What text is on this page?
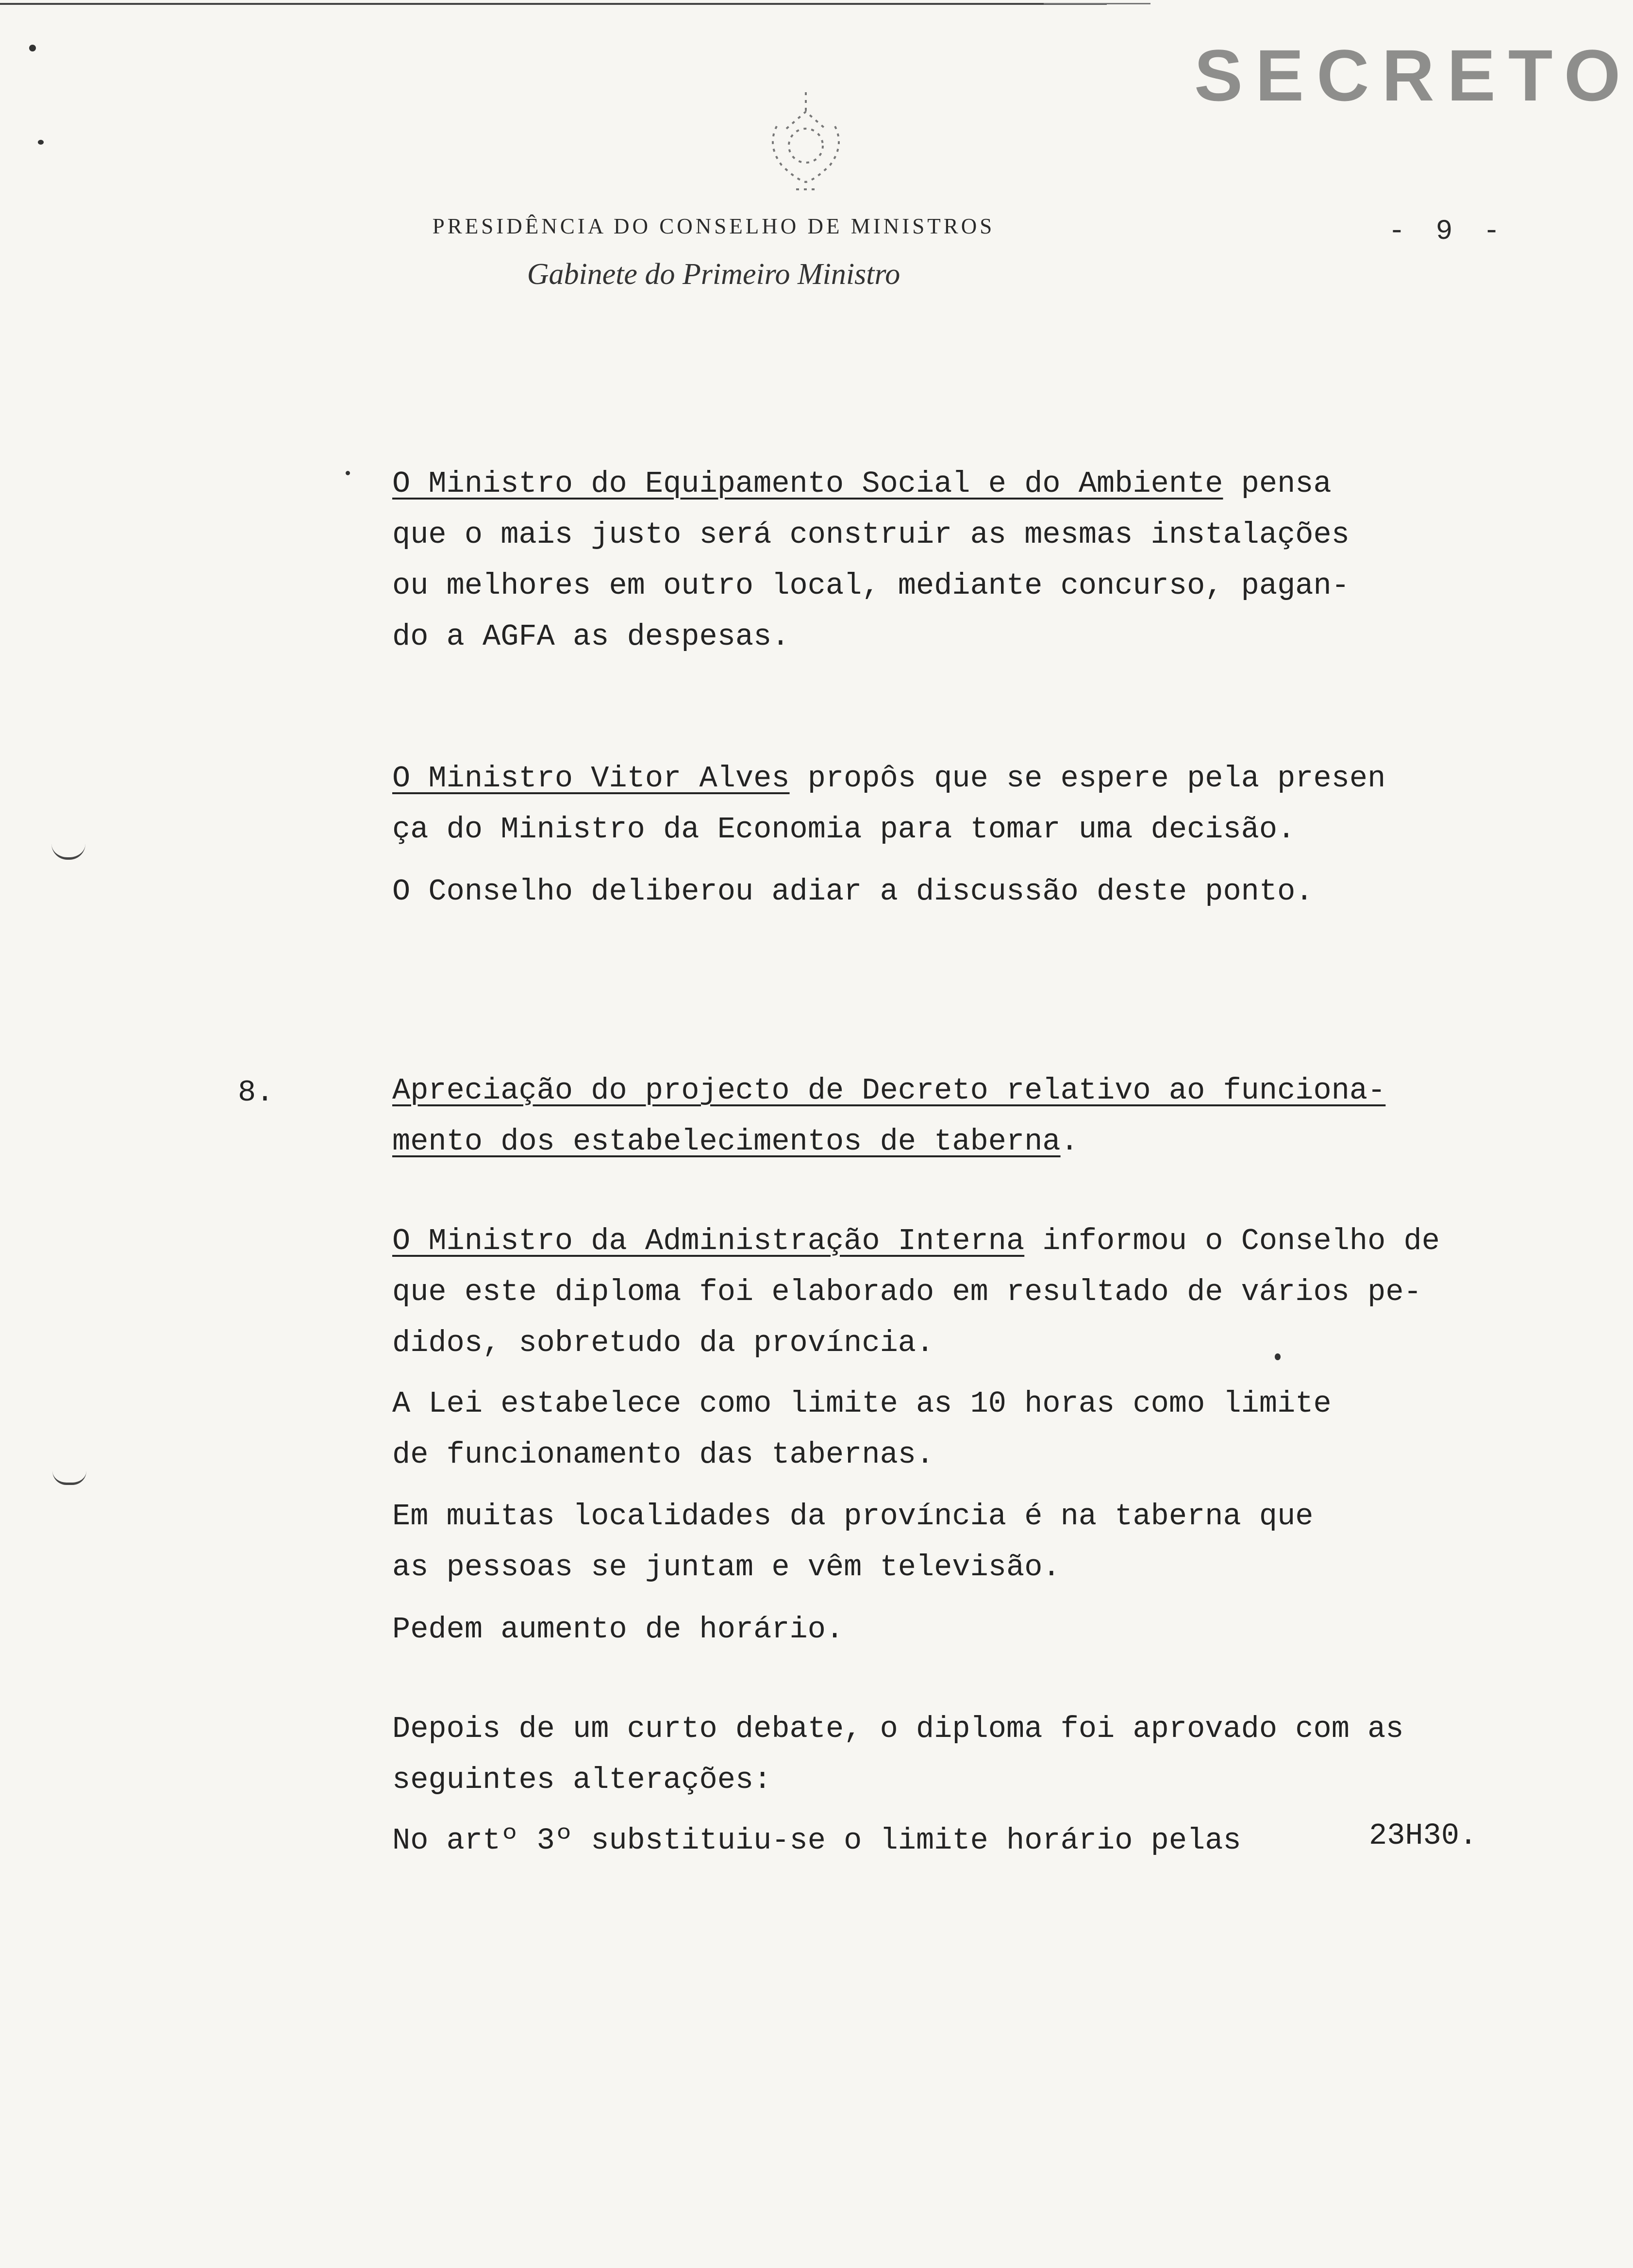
SECRETO
PRESIDÊNCIA DO CONSELHO DE MINISTROS
Gabinete do Primeiro Ministro
- 9 -
O Ministro do Equipamento Social e do Ambiente pensa
que o mais justo será construir as mesmas instalações
ou melhores em outro local, mediante concurso, pagan-
do a AGFA as despesas.
O Ministro Vitor Alves propôs que se espere pela presen
ça do Ministro da Economia para tomar uma decisão.
O Conselho deliberou adiar a discussão deste ponto.
8.	Apreciação do projecto de Decreto relativo ao funciona-
mento dos estabelecimentos de taberna.
O Ministro da Administração Interna informou o Conselho de
que este diploma foi elaborado em resultado de vários pe-
didos, sobretudo da província.
A Lei estabelece como limite as 10 horas como limite
de funcionamento das tabernas.
Em muitas localidades da província é na taberna que
as pessoas se juntam e vêm televisão.
Pedem aumento de horário.
Depois de um curto debate, o diploma foi aprovado com as
seguintes alterações:
No artº 3º substituiu-se o limite horário pelas	23H30.
